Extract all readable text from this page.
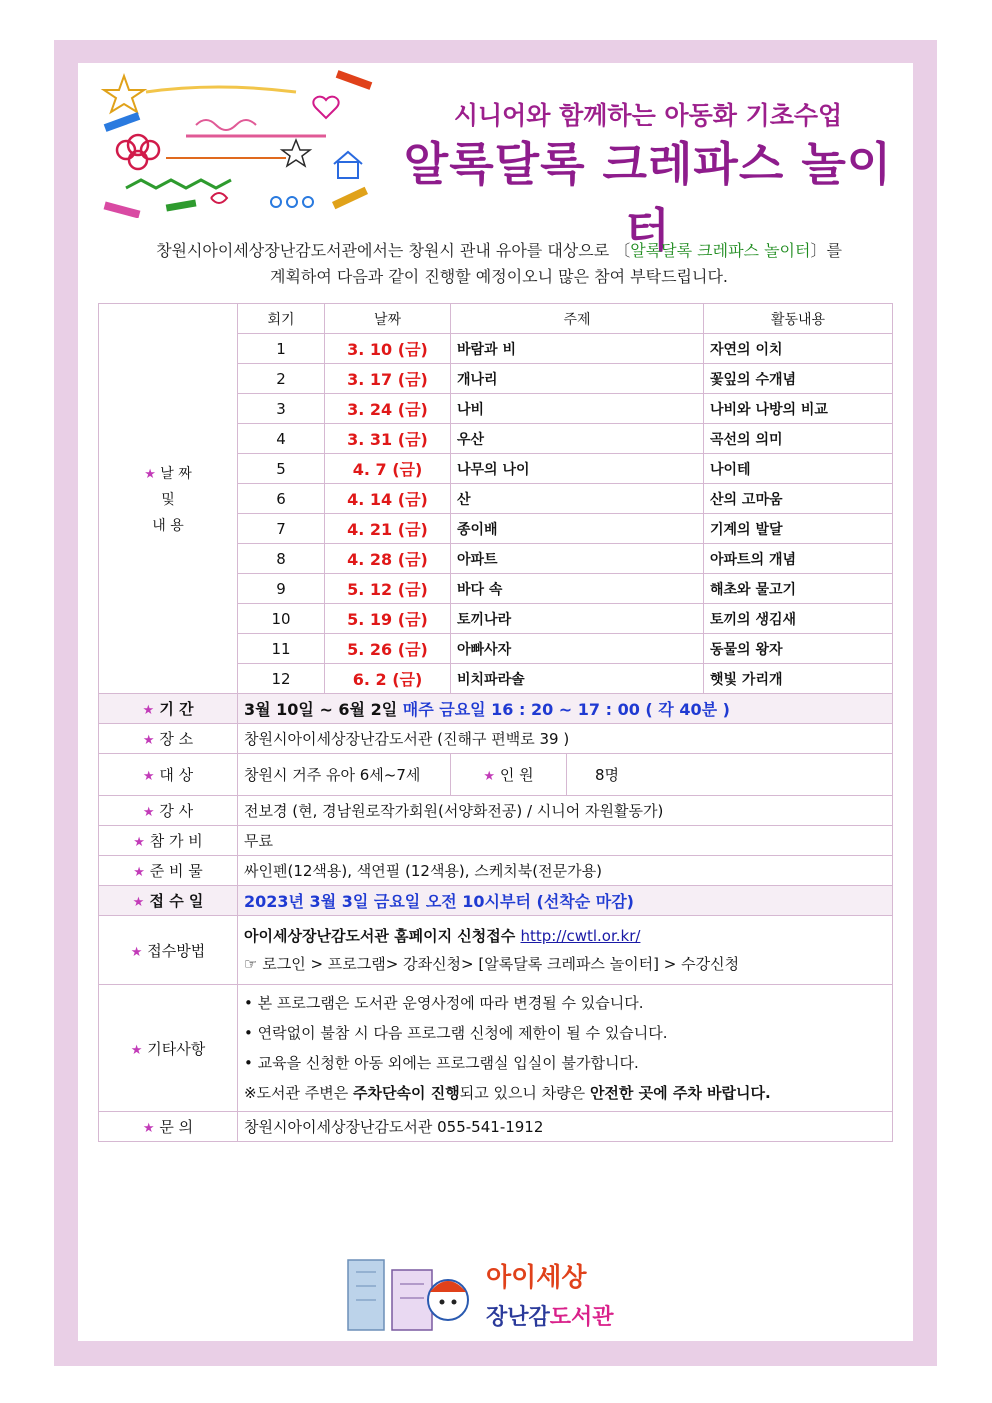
시니어와 함께하는 아동화 기초수업
알록달록 크레파스 놀이터
창원시아이세상장난감도서관에서는 창원시 관내 유아를 대상으로 〔알록달록 크레파스 놀이터〕를
계획하여 다음과 같이 진행할 예정이오니 많은 참여 부탁드립니다.
★ 날 짜
및
내 용
	회기	날짜	주제	활동내용
1	3. 10 (금)	바람과 비	자연의 이치
2	3. 17 (금)	개나리	꽃잎의 수개념
3	3. 24 (금)	나비	나비와 나방의 비교
4	3. 31 (금)	우산	곡선의 의미
5	4. 7 (금)	나무의 나이	나이테
6	4. 14 (금)	산	산의 고마움
7	4. 21 (금)	종이배	기계의 발달
8	4. 28 (금)	아파트	아파트의 개념
9	5. 12 (금)	바다 속	해초와 물고기
10	5. 19 (금)	토끼나라	토끼의 생김새
11	5. 26 (금)	아빠사자	동물의 왕자
12	6. 2 (금)	비치파라솔	햇빛 가리개
★ 기 간	3월 10일 ~ 6월 2일 매주 금요일 16 : 20 ~ 17 : 00 ( 각 40분 )
★ 장 소	창원시아이세상장난감도서관 (진해구 편백로 39 )
★ 대 상	창원시 거주 유아 6세~7세		★ 인 원	8명

★ 강 사	전보경 (현, 경남원로작가회원(서양화전공) / 시니어 자원활동가)
★ 참 가 비	무료
★ 준 비 물	싸인펜(12색용), 색연필 (12색용), 스케치북(전문가용)
★ 접 수 일	2023년 3월 3일 금요일 오전 10시부터 (선착순 마감)
★ 접수방법	
아이세상장난감도서관 홈페이지 신청접수 http://cwtl.or.kr/
☞ 로그인 > 프로그램> 강좌신청> [알록달록 크레파스 놀이터] > 수강신청

★ 기타사항	
• 본 프로그램은 도서관 운영사정에 따라 변경될 수 있습니다.
• 연락없이 불참 시 다음 프로그램 신청에 제한이 될 수 있습니다.
• 교육을 신청한 아동 외에는 프로그램실 입실이 불가합니다.
※도서관 주변은 주차단속이 진행되고 있으니 차량은 안전한 곳에 주차 바랍니다.

★ 문 의	창원시아이세상장난감도서관 055-541-1912
아이세상
장난감도서관
